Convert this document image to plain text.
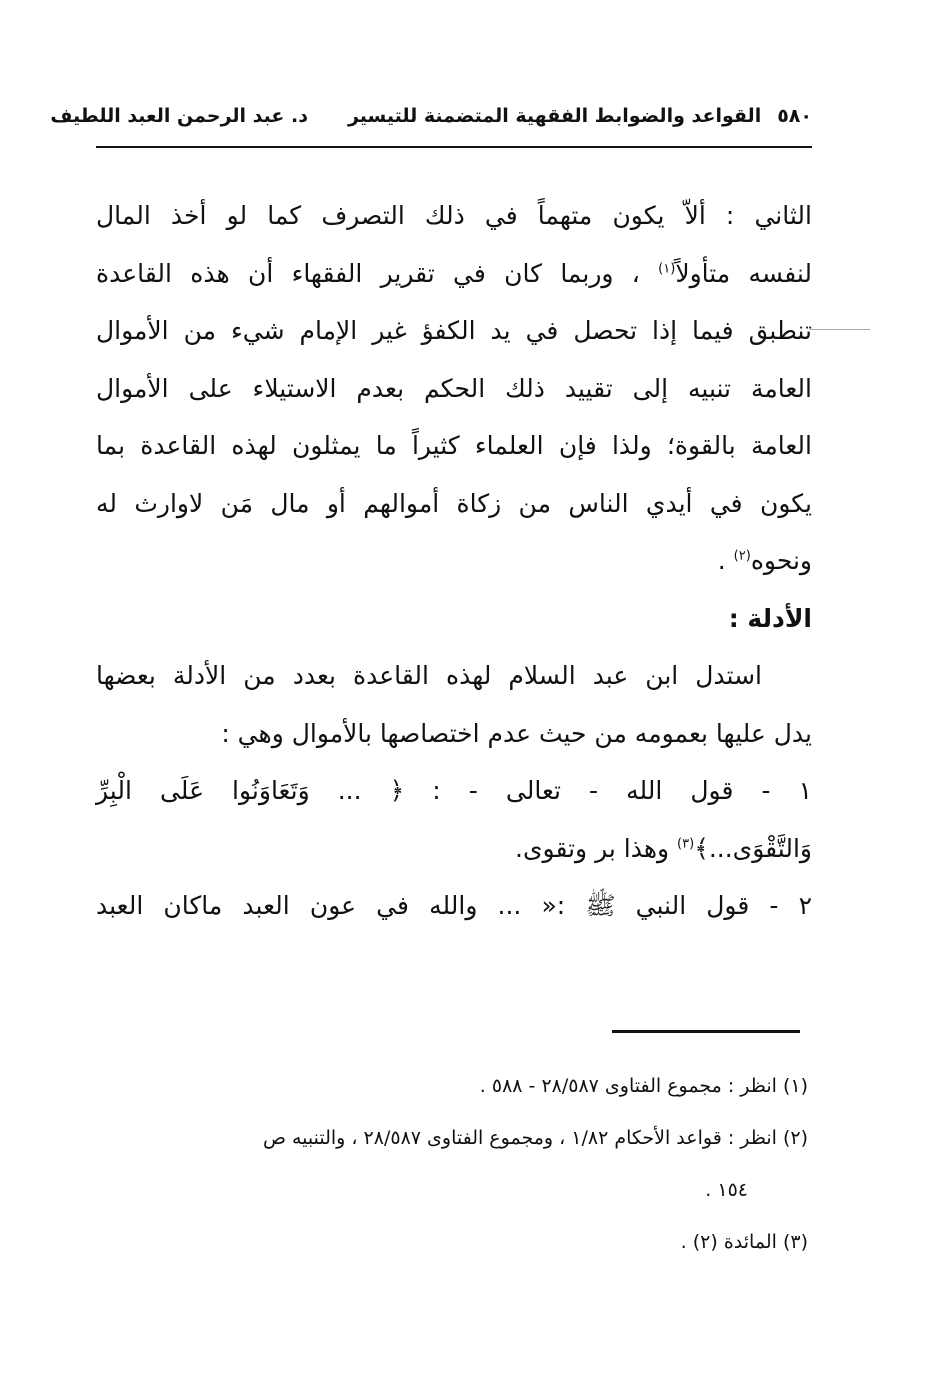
٥٨٠
القواعد والضوابط الفقهية المتضمنة للتيسير
د. عبد الرحمن العبد اللطيف
الثاني : ألاّ يكون متهماً في ذلك التصرف كما لو أخذ المال
لنفسه متأولاً$^{(١)}$ ، وربما كان في تقرير الفقهاء أن هذه القاعدة
تنطبق فيما إذا تحصل في يد الكفؤ غير الإمام شيء من الأموال
العامة تنبيه إلى تقييد ذلك الحكم بعدم الاستيلاء على الأموال
العامة بالقوة؛ ولذا فإن العلماء كثيراً ما يمثلون لهذه القاعدة بما
يكون في أيدي الناس من زكاة أموالهم أو مال مَن لاوارث له
ونحوه$^{(٢)}$ .
الأدلة :
استدل ابن عبد السلام لهذه القاعدة بعدد من الأدلة بعضها
يدل عليها بعمومه من حيث عدم اختصاصها بالأموال وهي :
١ - قول الله - تعالى - : ﴿ ... وَتَعَاوَنُوا عَلَى الْبِرِّ
وَالتَّقْوَى...﴾$^{(٣)}$ وهذا بر وتقوى.
٢ - قول النبي ﷺ :« ... والله في عون العبد ماكان العبد
(١) انظر : مجموع الفتاوى ٢٨/٥٨٧ - ٥٨٨ .
(٢) انظر : قواعد الأحكام ١/٨٢ ، ومجموع الفتاوى ٢٨/٥٨٧ ، والتنبيه ص
١٥٤ .
(٣) المائدة (٢) .
